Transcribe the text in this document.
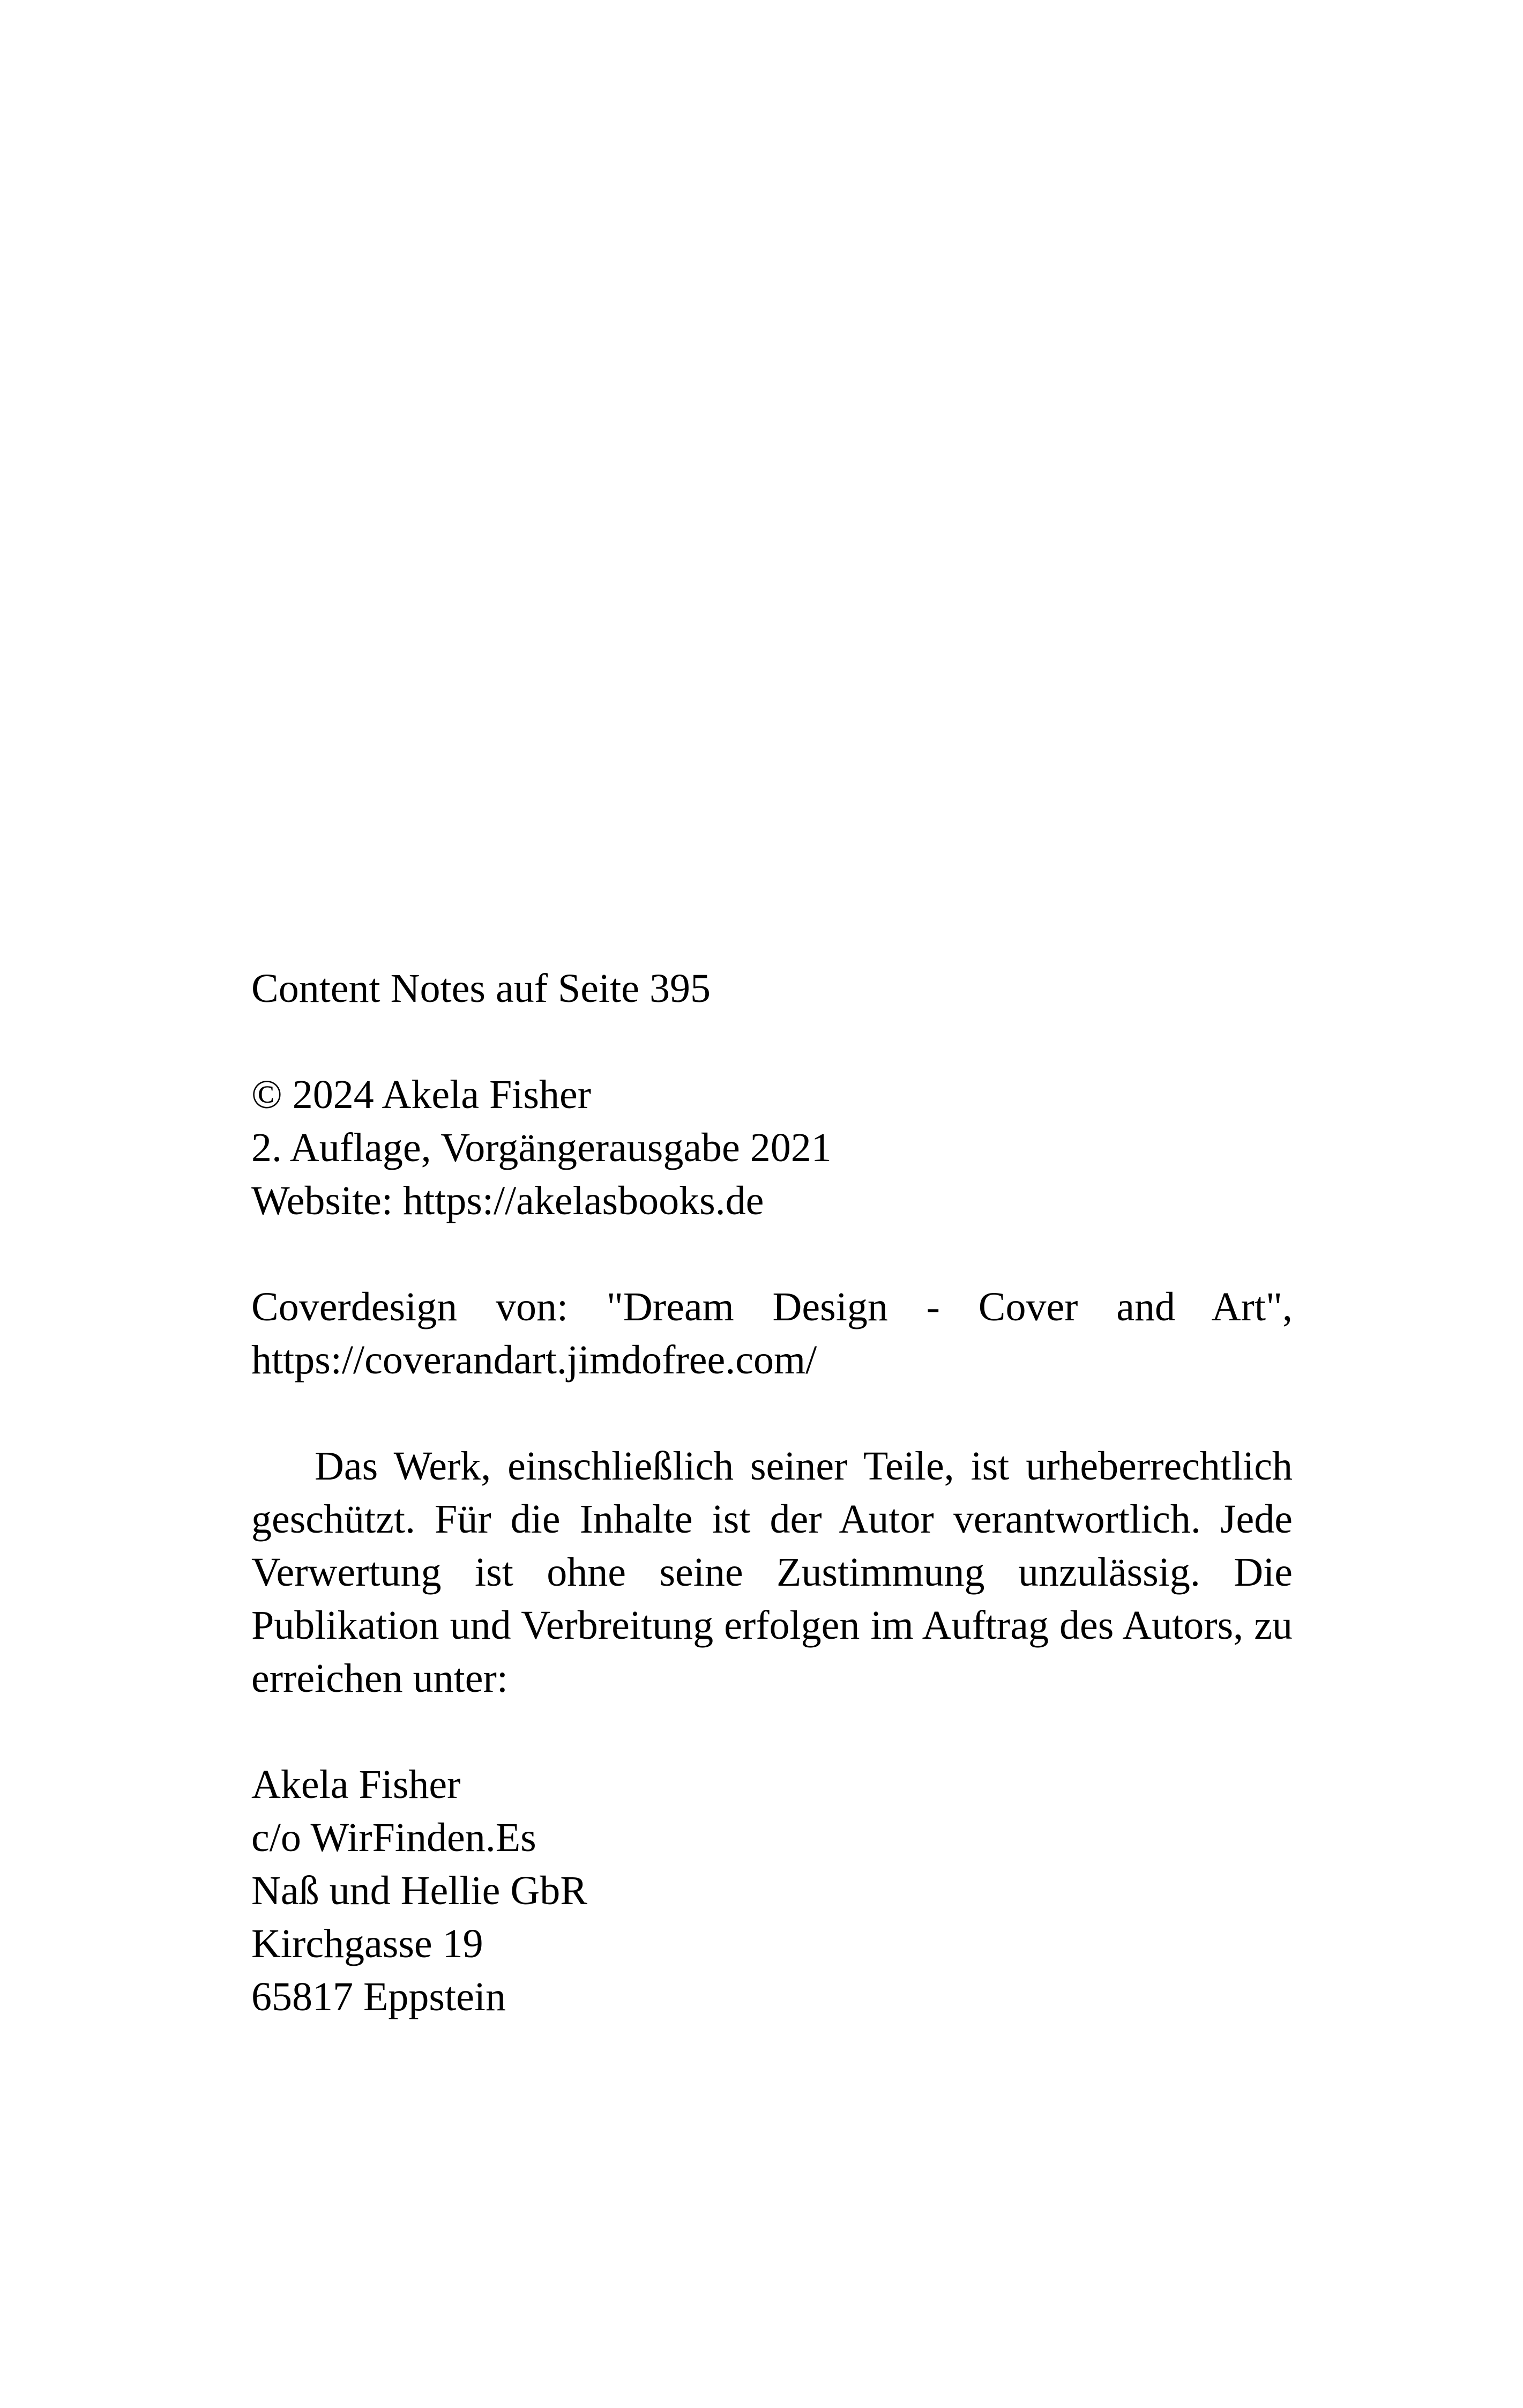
Content Notes auf Seite 395
© 2024 Akela Fisher
2. Auflage, Vorgängerausgabe 2021
Website: https://akelasbooks.de
Coverdesign von: "Dream Design - Cover and Art",
https://coverandart.jimdofree.com/
Das Werk, einschließlich seiner Teile, ist urheberrechtlich geschützt. Für die Inhalte ist der Autor verantwortlich. Jede Verwertung ist ohne seine Zustimmung unzulässig. Die Publikation und Verbreitung erfolgen im Auftrag des Autors, zu erreichen unter:
Akela Fisher
c/o WirFinden.Es
Naß und Hellie GbR
Kirchgasse 19
65817 Eppstein
